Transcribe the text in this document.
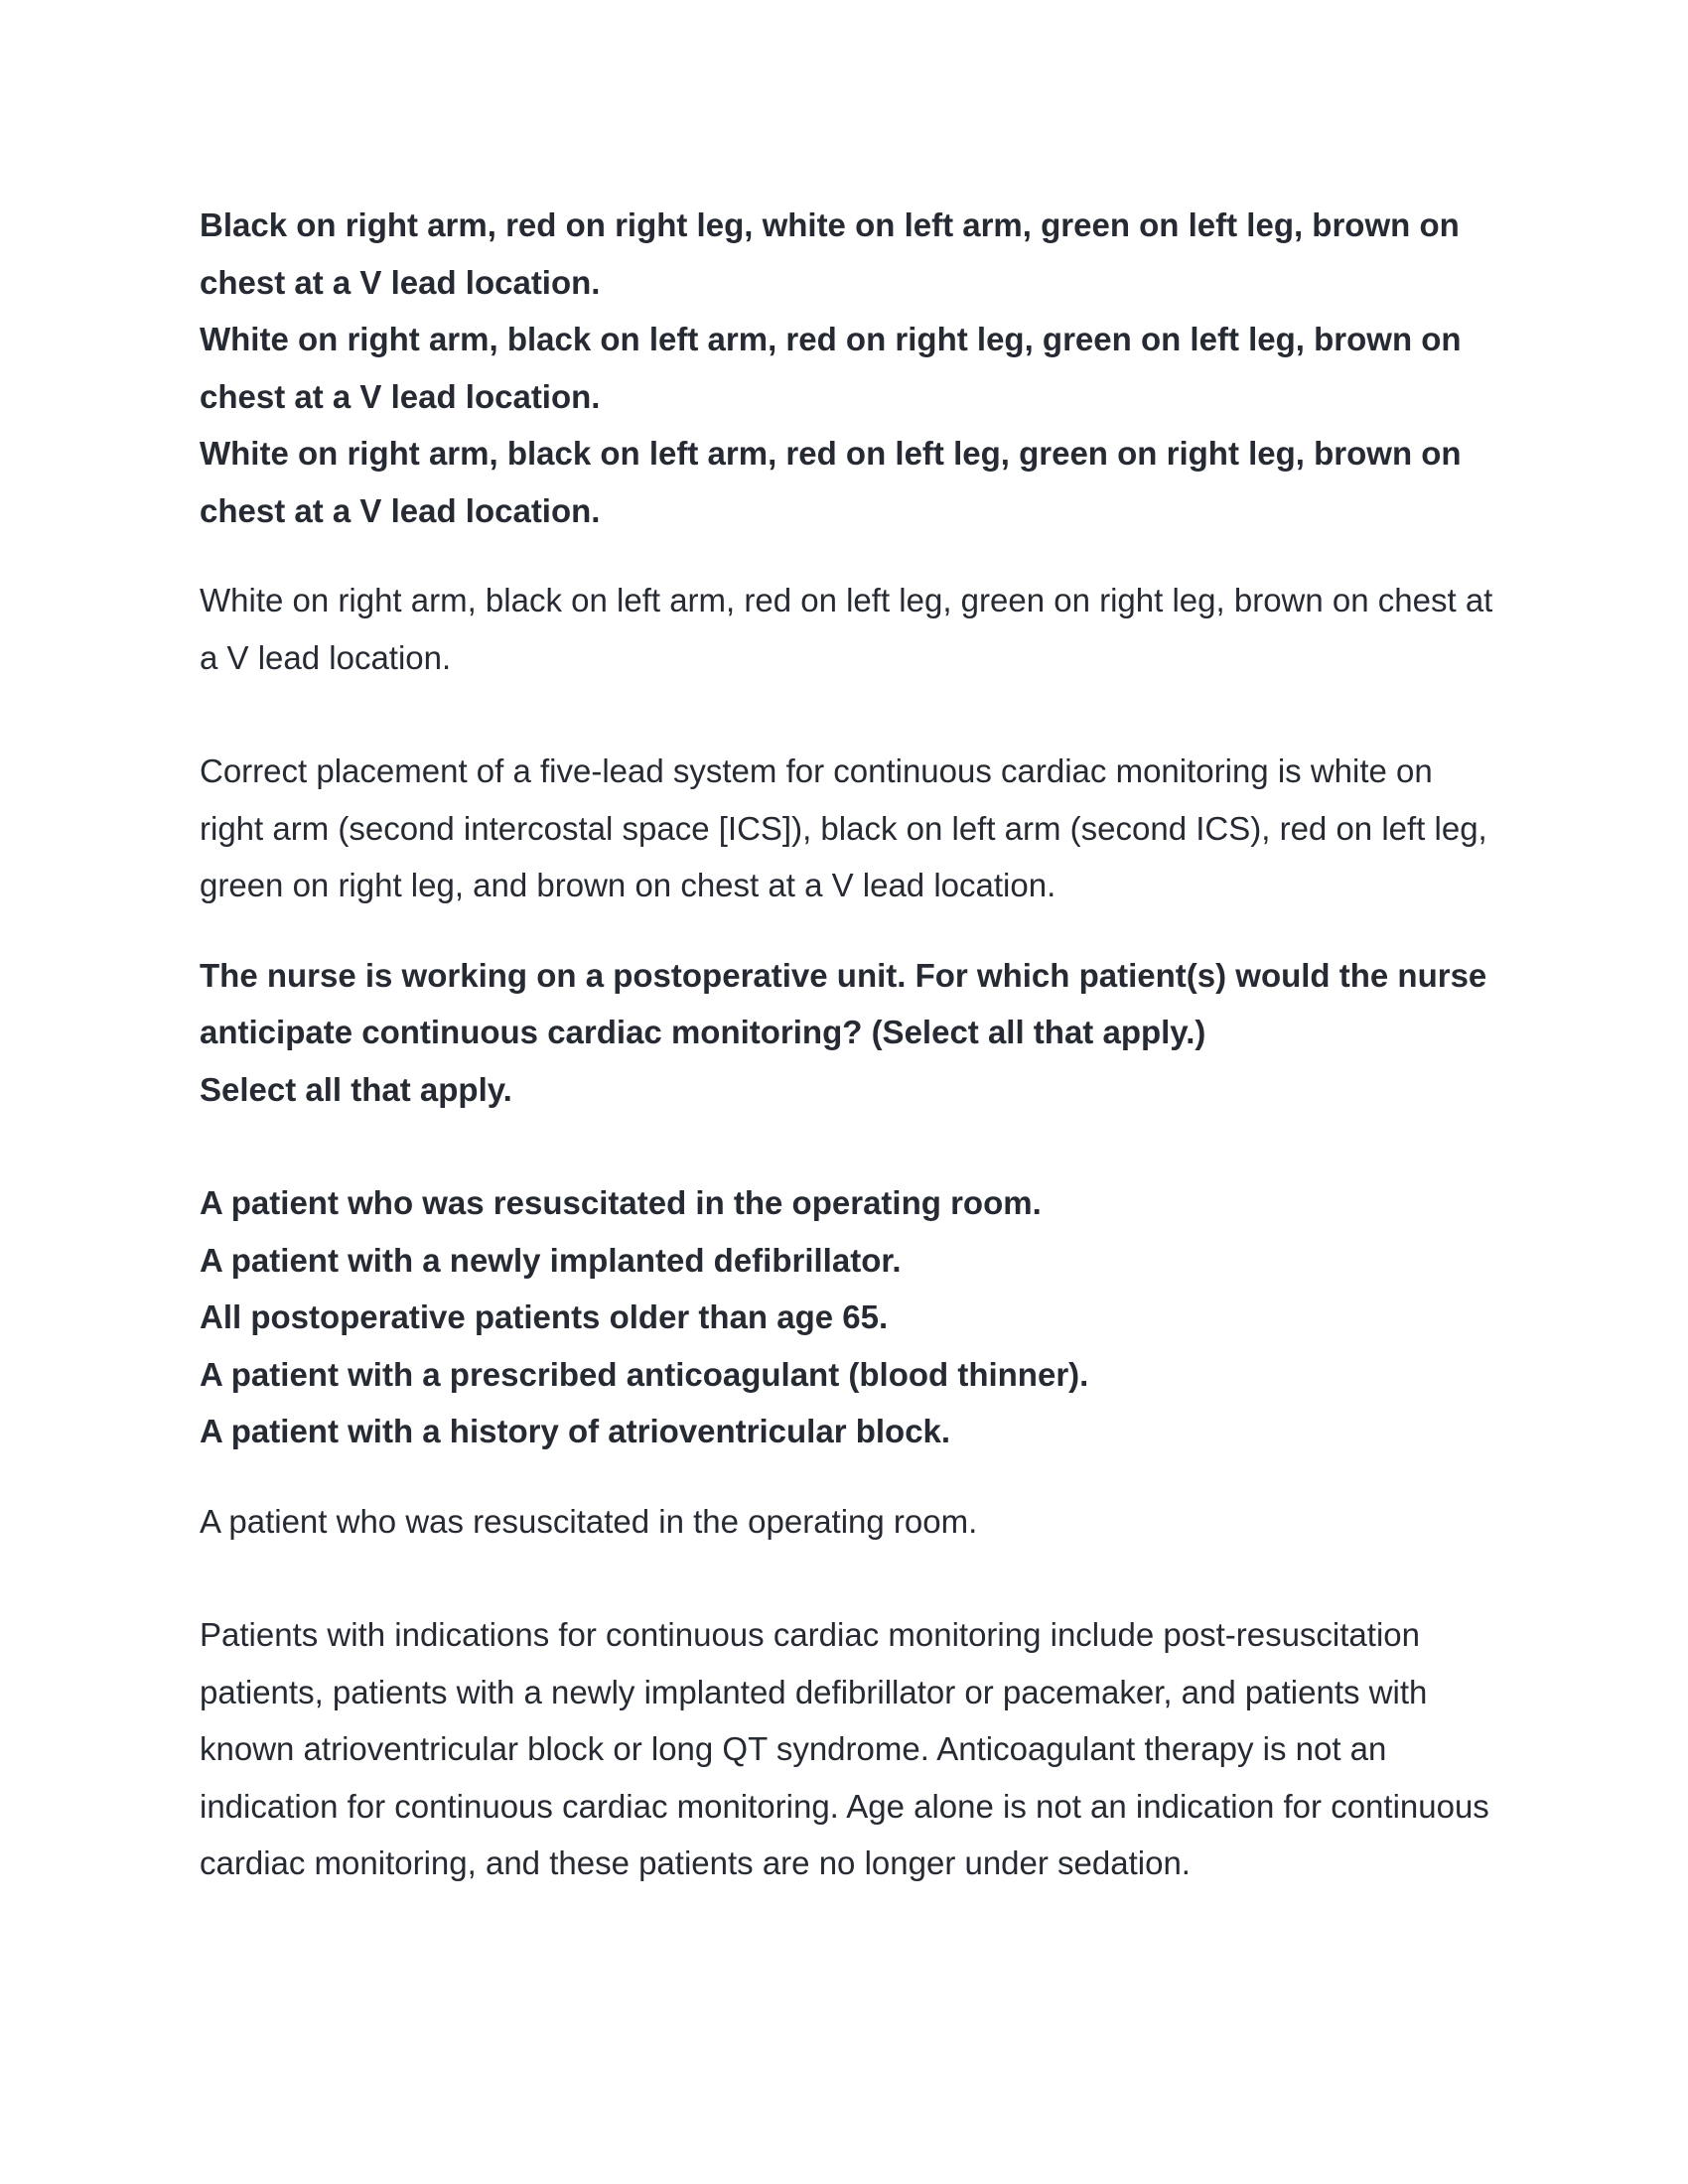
Black on right arm, red on right leg, white on left arm, green on left leg, brown on chest at a V lead location.

White on right arm, black on left arm, red on right leg, green on left leg, brown on chest at a V lead location.

White on right arm, black on left arm, red on left leg, green on right leg, brown on chest at a V lead location.

White on right arm, black on left arm, red on left leg, green on right leg, brown on chest at a V lead location.

Correct placement of a five-lead system for continuous cardiac monitoring is white on right arm (second intercostal space [ICS]), black on left arm (second ICS), red on left leg, green on right leg, and brown on chest at a V lead location.

The nurse is working on a postoperative unit. For which patient(s) would the nurse anticipate continuous cardiac monitoring? (Select all that apply.)

Select all that apply.

A patient who was resuscitated in the operating room.

A patient with a newly implanted defibrillator.

All postoperative patients older than age 65.

A patient with a prescribed anticoagulant (blood thinner).

A patient with a history of atrioventricular block.

A patient who was resuscitated in the operating room.

Patients with indications for continuous cardiac monitoring include post-resuscitation patients, patients with a newly implanted defibrillator or pacemaker, and patients with known atrioventricular block or long QT syndrome. Anticoagulant therapy is not an indication for continuous cardiac monitoring. Age alone is not an indication for continuous cardiac monitoring, and these patients are no longer under sedation.
